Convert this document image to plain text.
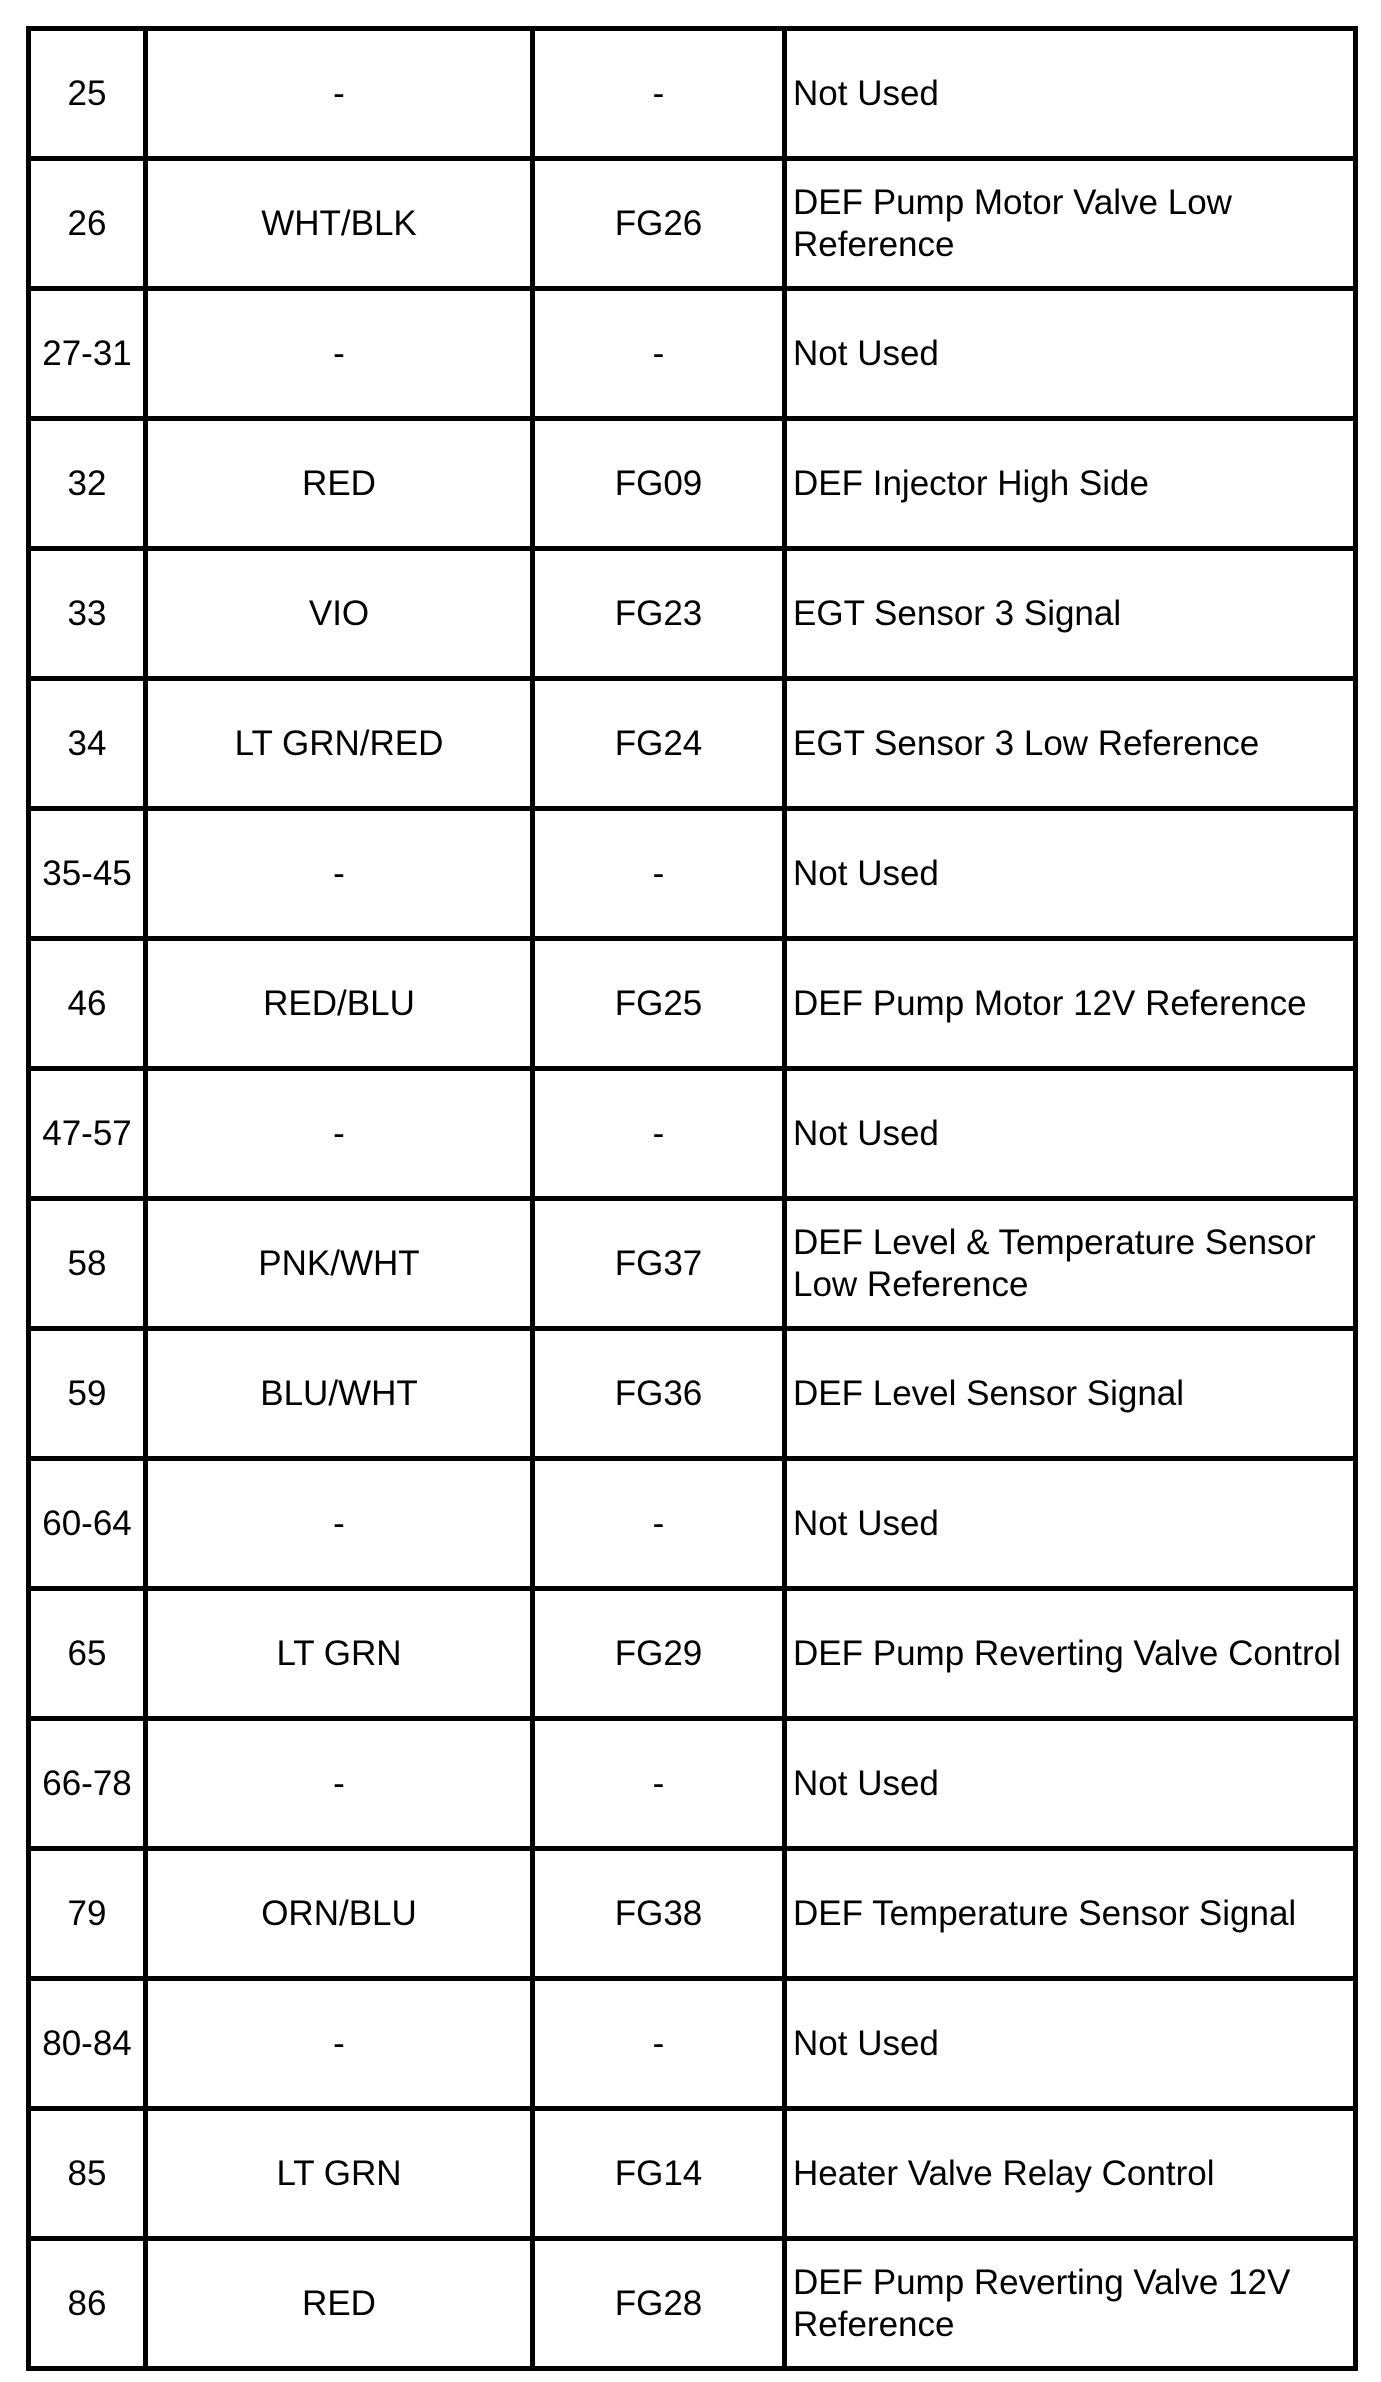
25	-	-	Not Used
26	WHT/BLK	FG26	DEF Pump Motor Valve Low Reference
27-31	-	-	Not Used
32	RED	FG09	DEF Injector High Side
33	VIO	FG23	EGT Sensor 3 Signal
34	LT GRN/RED	FG24	EGT Sensor 3 Low Reference
35-45	-	-	Not Used
46	RED/BLU	FG25	DEF Pump Motor 12V Reference
47-57	-	-	Not Used
58	PNK/WHT	FG37	DEF Level & Temperature Sensor Low Reference
59	BLU/WHT	FG36	DEF Level Sensor Signal
60-64	-	-	Not Used
65	LT GRN	FG29	DEF Pump Reverting Valve Control
66-78	-	-	Not Used
79	ORN/BLU	FG38	DEF Temperature Sensor Signal
80-84	-	-	Not Used
85	LT GRN	FG14	Heater Valve Relay Control
86	RED	FG28	DEF Pump Reverting Valve 12V Reference
